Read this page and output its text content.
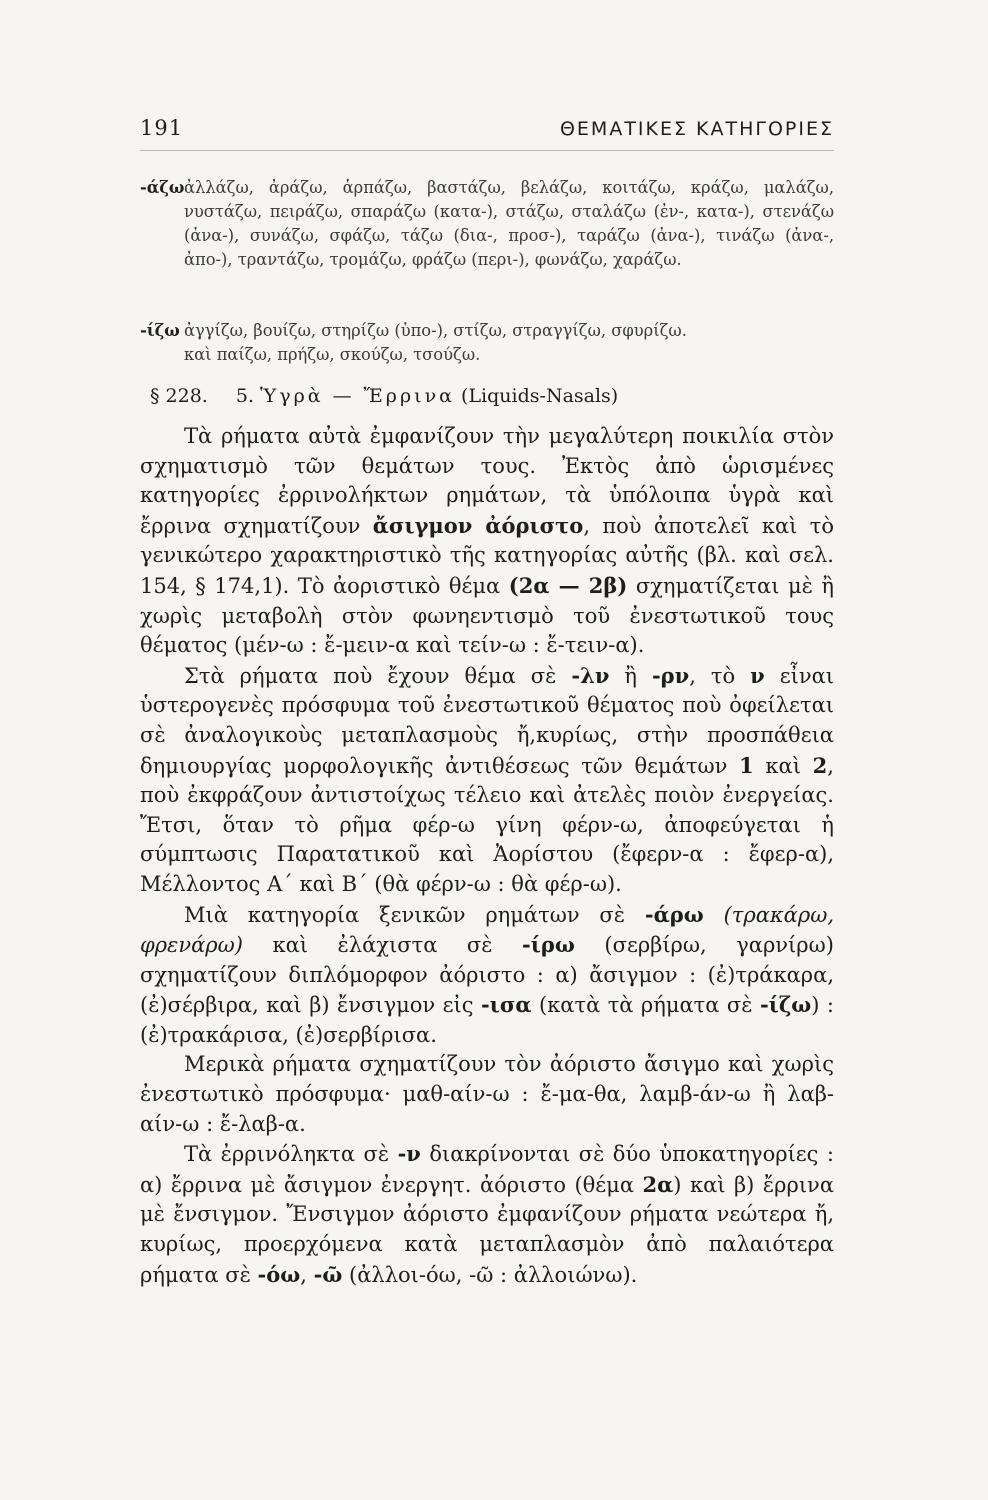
191	ΘΕΜΑΤΙΚΕΣ ΚΑΤΗΓΟΡΙΕΣ
-άζω ἀλλάζω, ἀράζω, ἁρπάζω, βαστάζω, βελάζω, κοιτάζω, κράζω, μαλάζω, νυστάζω, πειράζω, σπαράζω (κατα-), στάζω, σταλάζω (ἐν-, κατα-), στενάζω (ἀνα-), συνάζω, σφάζω, τάζω (δια-, προσ-), ταράζω (ἀνα-), τινάζω (ἀνα-, ἀπο-), τραντάζω, τρομάζω, φράζω (περι-), φωνάζω, χαράζω.
-ίζω ἀγγίζω, βουίζω, στηρίζω (ὑπο-), στίζω, στραγγίζω, σφυρίζω.
καὶ παίζω, πρήζω, σκούζω, τσούζω.
§ 228. 5. Ὑγρὰ — Ἔρρινα (Liquids-Nasals)

Τὰ ρήματα αὐτὰ ἐμφανίζουν τὴν μεγαλύτερη ποικιλία στὸν σχηματισμὸ τῶν θεμάτων τους. Ἐκτὸς ἀπὸ ὡρισμένες κατηγορίες ἐρρινολήκτων ρημάτων, τὰ ὑπόλοιπα ὑγρὰ καὶ ἔρρινα σχηματίζουν ἄσιγμον ἀόριστο, ποὺ ἀποτελεῖ καὶ τὸ γενικώτερο χαρακτηριστικὸ τῆς κατηγορίας αὐτῆς (βλ. καὶ σελ. 154, § 174,1). Τὸ ἀοριστικὸ θέμα (2α — 2β) σχηματίζεται μὲ ἢ χωρὶς μεταβολὴ στὸν φωνηεντισμὸ τοῦ ἐνεστωτικοῦ τους θέματος (μέν-ω : ἔ-μειν-α καὶ τείν-ω : ἔ-τειν-α).

Στὰ ρήματα ποὺ ἔχουν θέμα σὲ -λν ἢ -ρν, τὸ ν εἶναι ὑστερογενὲς πρόσφυμα τοῦ ἐνεστωτικοῦ θέματος ποὺ ὀφείλεται σὲ ἀναλογικοὺς μεταπλασμοὺς ἤ,κυρίως, στὴν προσπάθεια δημιουργίας μορφολογικῆς ἀντιθέσεως τῶν θεμάτων 1 καὶ 2, ποὺ ἐκφράζουν ἀντιστοίχως τέλειο καὶ ἀτελὲς ποιὸν ἐνεργείας. Ἔτσι, ὅταν τὸ ρῆμα φέρ-ω γίνη φέρν-ω, ἀποφεύγεται ἡ σύμπτωσις Παρατατικοῦ καὶ Ἀορίστου (ἔφερν-α : ἔφερ-α), Μέλλοντος Α΄ καὶ Β΄ (θὰ φέρν-ω : θὰ φέρ-ω).

Μιὰ κατηγορία ξενικῶν ρημάτων σὲ -άρω (τρακάρω, φρενάρω) καὶ ἐλάχιστα σὲ -ίρω (σερβίρω, γαρνίρω) σχηματίζουν διπλόμορφον ἀόριστο : α) ἄσιγμον : (ἐ)τράκαρα, (ἐ)σέρβιρα, καὶ β) ἔνσιγμον εἰς -ισα (κατὰ τὰ ρήματα σὲ -ίζω) : (ἐ)τρακάρισα, (ἐ)σερβίρισα.

Μερικὰ ρήματα σχηματίζουν τὸν ἀόριστο ἄσιγμο καὶ χωρὶς ἐνεστωτικὸ πρόσφυμα· μαθ-αίν-ω : ἔ-μα-θα, λαμβ-άν-ω ἢ λαβ-αίν-ω : ἔ-λαβ-α.

Τὰ ἐρρινόληκτα σὲ -ν διακρίνονται σὲ δύο ὑποκατηγορίες : α) ἔρρινα μὲ ἄσιγμον ἐνεργητ. ἀόριστο (θέμα 2α) καὶ β) ἔρρινα μὲ ἔνσιγμον. Ἔνσιγμον ἀόριστο ἐμφανίζουν ρήματα νεώτερα ἤ, κυρίως, προερχόμενα κατὰ μεταπλασμὸν ἀπὸ παλαιότερα ρήματα σὲ -όω, -ῶ (ἀλλοι-όω, -ῶ : ἀλλοιώνω).
